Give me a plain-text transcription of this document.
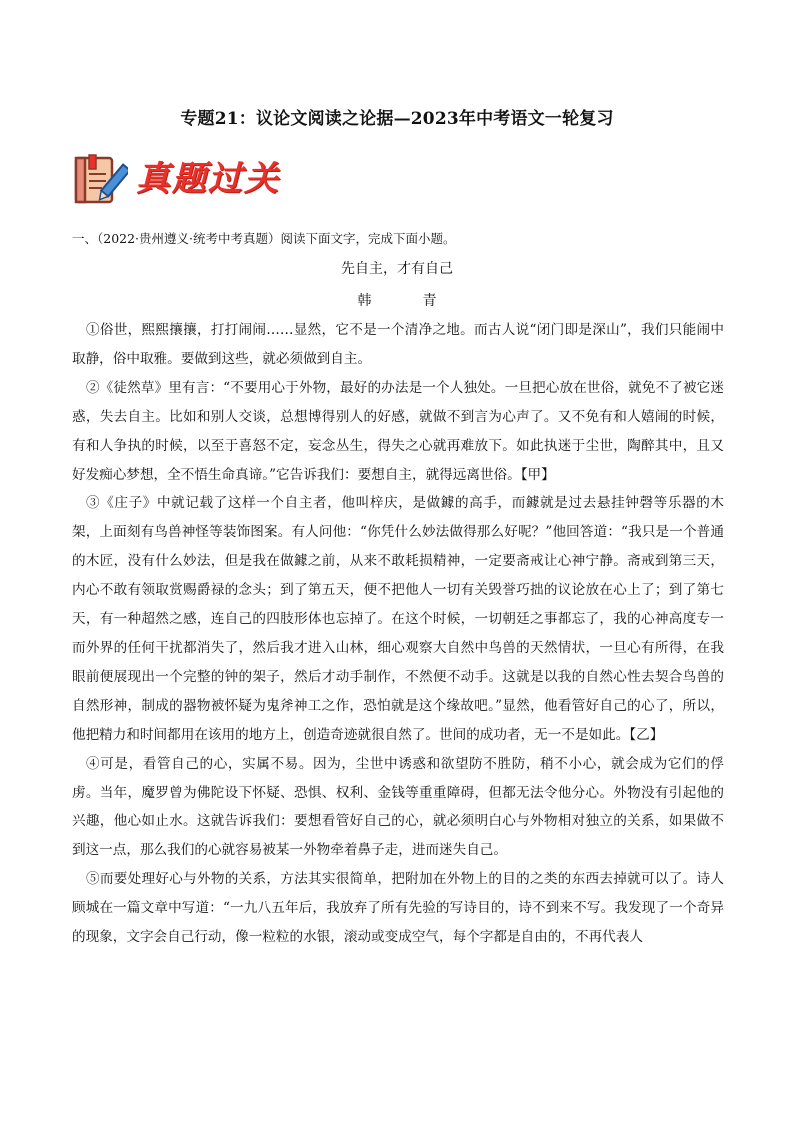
专题21：议论文阅读之论据—2023年中考语文一轮复习
真题过关
一、（2022·贵州遵义·统考中考真题）阅读下面文字，完成下面小题。
先自主，才有自己
韩	青

①俗世，熙熙攘攘，打打闹闹……显然，它不是一个清净之地。而古人说“闭门即是深山”，我们只能闹中取静，俗中取雅。要做到这些，就必须做到自主。

②《徒然草》里有言：“不要用心于外物，最好的办法是一个人独处。一旦把心放在世俗，就免不了被它迷惑，失去自主。比如和别人交谈，总想博得别人的好感，就做不到言为心声了。又不免有和人嬉闹的时候，有和人争执的时候，以至于喜怒不定，妄念丛生，得失之心就再难放下。如此执迷于尘世，陶醉其中，且又好发痴心梦想，全不悟生命真谛。”它告诉我们：要想自主，就得远离世俗。【甲】

③《庄子》中就记载了这样一个自主者，他叫梓庆，是做鐻的高手，而鐻就是过去悬挂钟磬等乐器的木架，上面刻有鸟兽神怪等装饰图案。有人问他：“你凭什么妙法做得那么好呢？”他回答道：“我只是一个普通的木匠，没有什么妙法，但是我在做鐻之前，从来不敢耗损精神，一定要斋戒让心神宁静。斋戒到第三天，内心不敢有领取赏赐爵禄的念头；到了第五天，便不把他人一切有关毁誉巧拙的议论放在心上了；到了第七天，有一种超然之感，连自己的四肢形体也忘掉了。在这个时候，一切朝廷之事都忘了，我的心神高度专一而外界的任何干扰都消失了，然后我才进入山林，细心观察大自然中鸟兽的天然情状，一旦心有所得，在我眼前便展现出一个完整的钟的架子，然后才动手制作，不然便不动手。这就是以我的自然心性去契合鸟兽的自然形神，制成的器物被怀疑为鬼斧神工之作，恐怕就是这个缘故吧。”显然，他看管好自己的心了，所以，他把精力和时间都用在该用的地方上，创造奇迹就很自然了。世间的成功者，无一不是如此。【乙】

④可是，看管自己的心，实属不易。因为，尘世中诱惑和欲望防不胜防，稍不小心，就会成为它们的俘虏。当年，魔罗曾为佛陀设下怀疑、恐惧、权利、金钱等重重障碍，但都无法令他分心。外物没有引起他的兴趣，他心如止水。这就告诉我们：要想看管好自己的心，就必须明白心与外物相对独立的关系，如果做不到这一点，那么我们的心就容易被某一外物牵着鼻子走，进而迷失自己。

⑤而要处理好心与外物的关系，方法其实很简单，把附加在外物上的目的之类的东西去掉就可以了。诗人顾城在一篇文章中写道：“一九八五年后，我放弃了所有先验的写诗目的，诗不到来不写。我发现了一个奇异的现象，文字会自己行动，像一粒粒的水银，滚动或变成空气，每个字都是自由的，不再代表人
